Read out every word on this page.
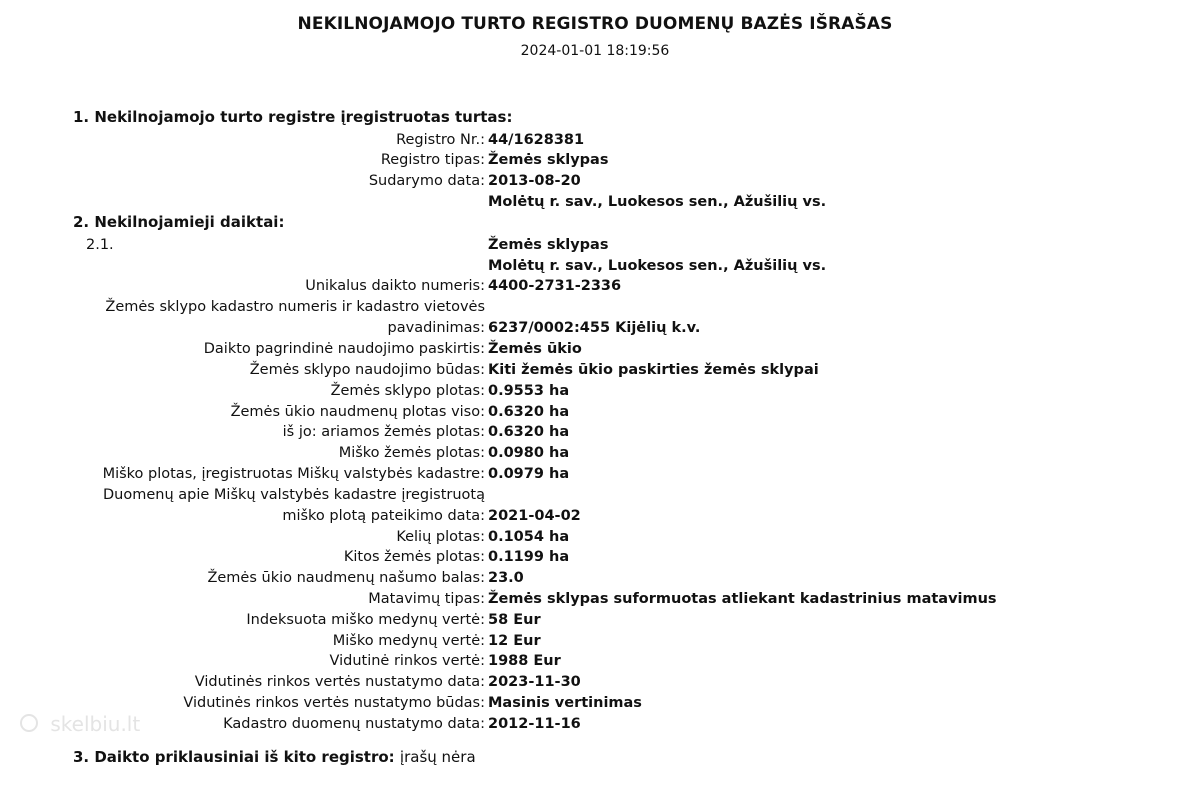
NEKILNOJAMOJO TURTO REGISTRO DUOMENŲ BAZĖS IŠRAŠAS
2024-01-01 18:19:56
1. Nekilnojamojo turto registre įregistruotas turtas:
Registro Nr.: 44/1628381
Registro tipas: Žemės sklypas
Sudarymo data: 2013-08-20
Molėtų r. sav., Luokesos sen., Ažušilių vs.
2. Nekilnojamieji daiktai:
2.1.	Žemės sklypas
Molėtų r. sav., Luokesos sen., Ažušilių vs.
Unikalus daikto numeris: 4400-2731-2336
Žemės sklypo kadastro numeris ir kadastro vietovės
pavadinimas: 6237/0002:455 Kijėlių k.v.
Daikto pagrindinė naudojimo paskirtis: Žemės ūkio
Žemės sklypo naudojimo būdas: Kiti žemės ūkio paskirties žemės sklypai
Žemės sklypo plotas: 0.9553 ha
Žemės ūkio naudmenų plotas viso: 0.6320 ha
iš jo: ariamos žemės plotas: 0.6320 ha
Miško žemės plotas: 0.0980 ha
Miško plotas, įregistruotas Miškų valstybės kadastre: 0.0979 ha
Duomenų apie Miškų valstybės kadastre įregistruotą
miško plotą pateikimo data: 2021-04-02
Kelių plotas: 0.1054 ha
Kitos žemės plotas: 0.1199 ha
Žemės ūkio naudmenų našumo balas: 23.0
Matavimų tipas: Žemės sklypas suformuotas atliekant kadastrinius matavimus
Indeksuota miško medynų vertė: 58 Eur
Miško medynų vertė: 12 Eur
Vidutinė rinkos vertė: 1988 Eur
Vidutinės rinkos vertės nustatymo data: 2023-11-30
Vidutinės rinkos vertės nustatymo būdas: Masinis vertinimas
Kadastro duomenų nustatymo data: 2012-11-16
3. Daikto priklausiniai iš kito registro: įrašų nėra
skelbiu.lt
